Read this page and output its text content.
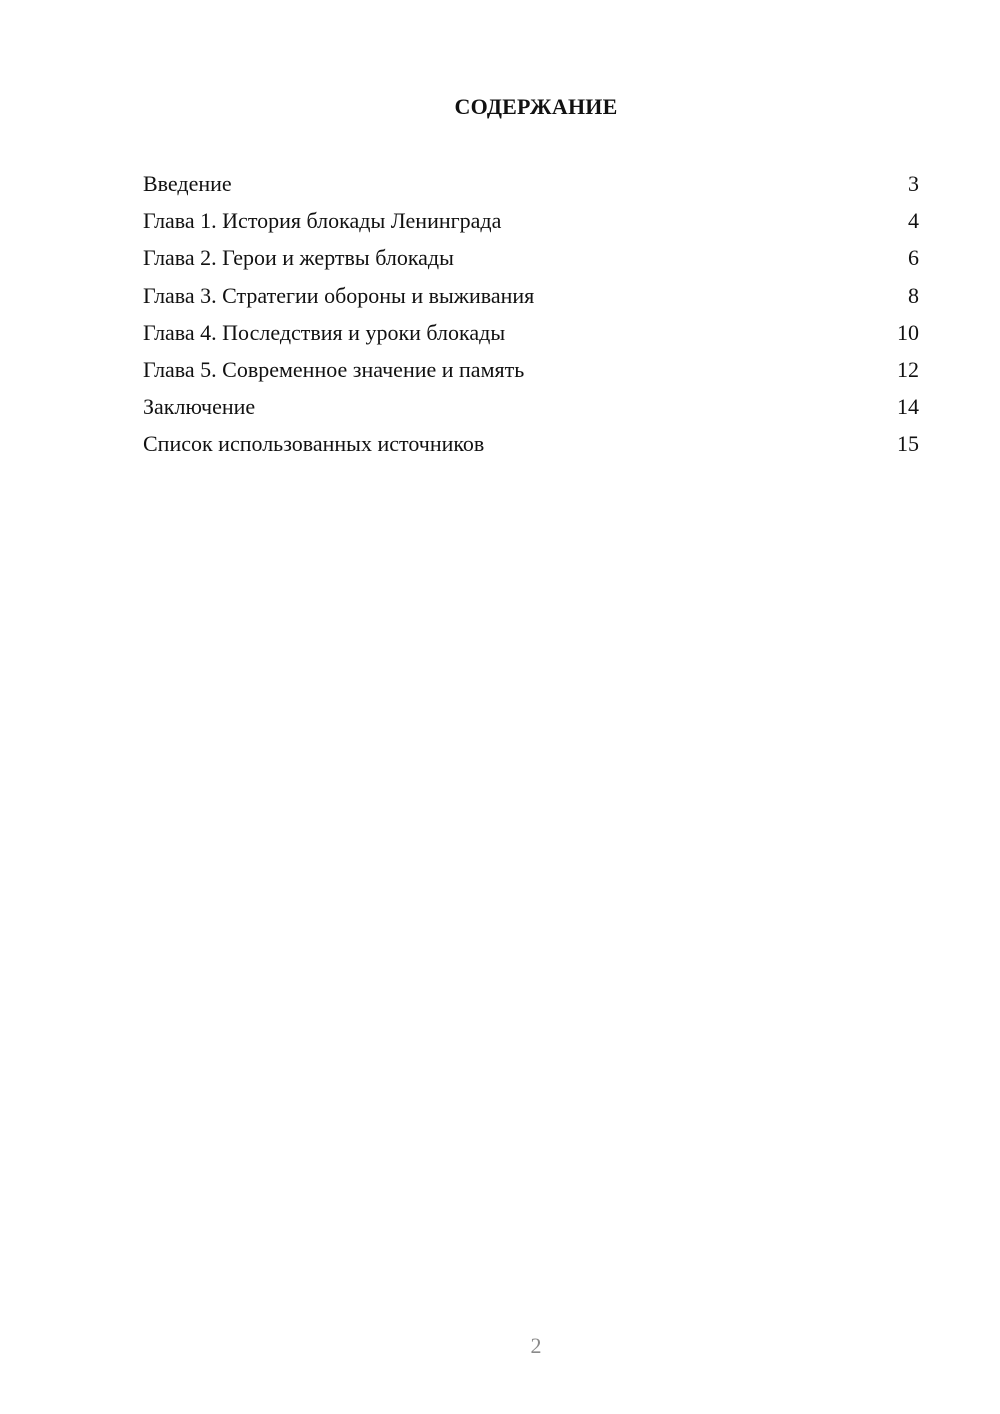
СОДЕРЖАНИЕ
Введение	3
Глава 1. История блокады Ленинграда	4
Глава 2. Герои и жертвы блокады	6
Глава 3. Стратегии обороны и выживания	8
Глава 4. Последствия и уроки блокады	10
Глава 5. Современное значение и память	12
Заключение	14
Список использованных источников	15
2
